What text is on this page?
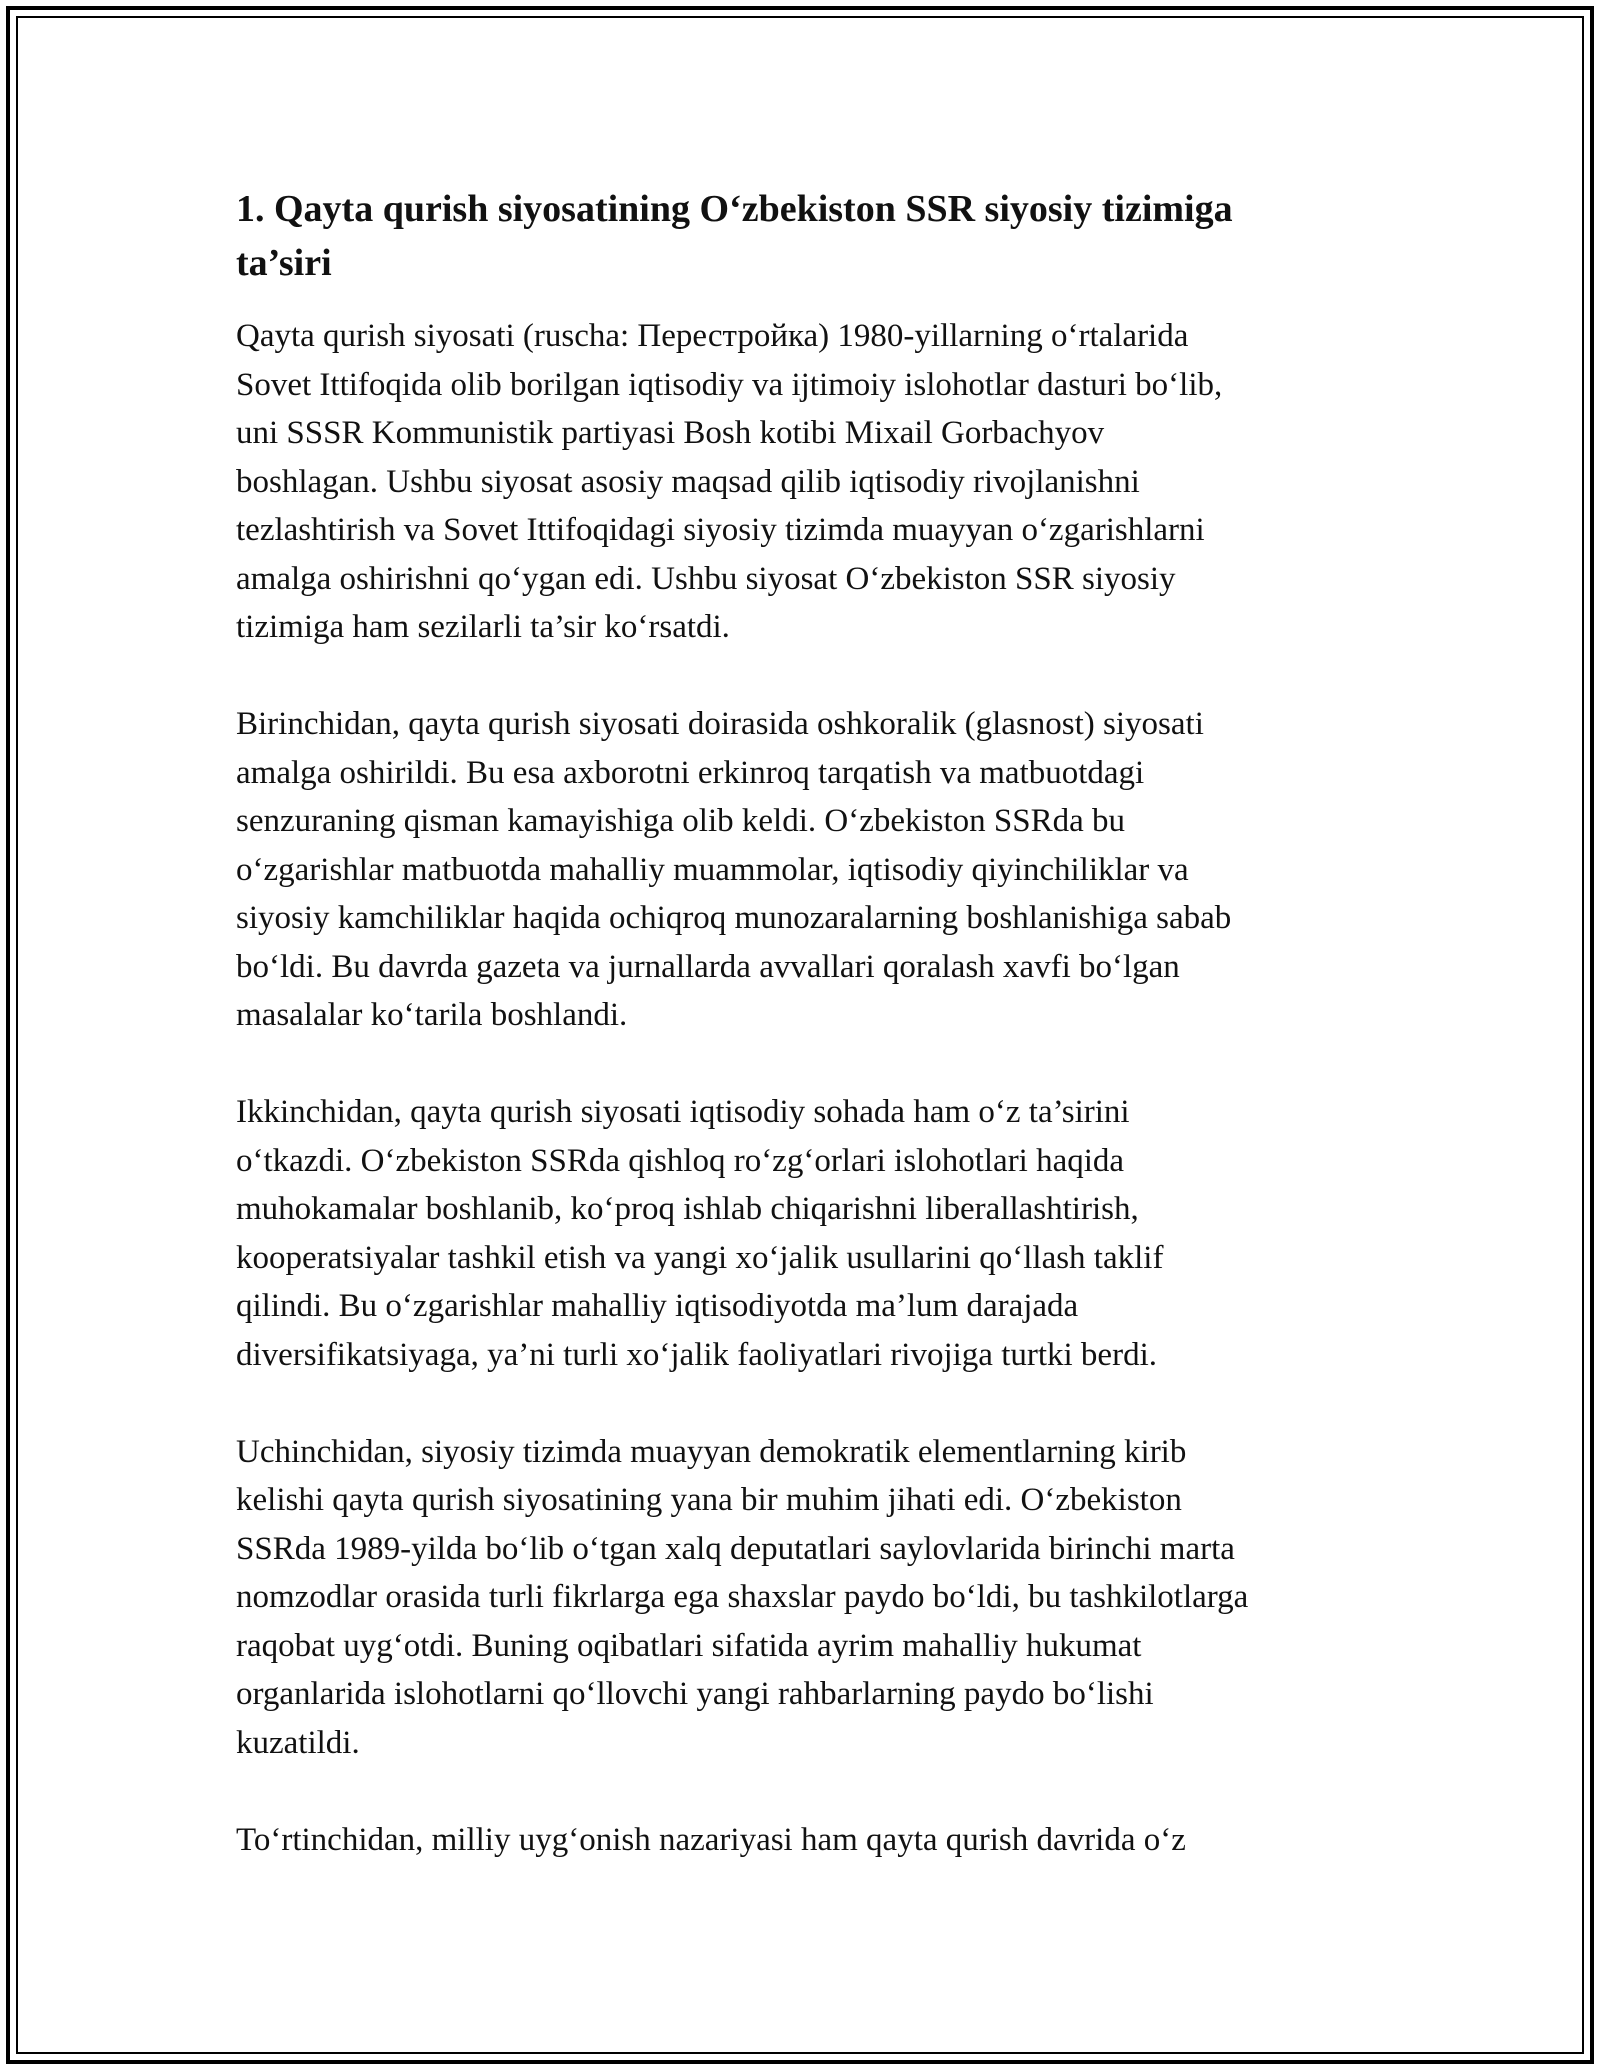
1. Qayta qurish siyosatining O‘zbekiston SSR siyosiy tizimiga
ta’siri

Qayta qurish siyosati (ruscha: Перестройка) 1980-yillarning o‘rtalarida
Sovet Ittifoqida olib borilgan iqtisodiy va ijtimoiy islohotlar dasturi bo‘lib,
uni SSSR Kommunistik partiyasi Bosh kotibi Mixail Gorbachyov
boshlagan. Ushbu siyosat asosiy maqsad qilib iqtisodiy rivojlanishni
tezlashtirish va Sovet Ittifoqidagi siyosiy tizimda muayyan o‘zgarishlarni
amalga oshirishni qo‘ygan edi. Ushbu siyosat O‘zbekiston SSR siyosiy
tizimiga ham sezilarli ta’sir ko‘rsatdi.

Birinchidan, qayta qurish siyosati doirasida oshkoralik (glasnost) siyosati
amalga oshirildi. Bu esa axborotni erkinroq tarqatish va matbuotdagi
senzuraning qisman kamayishiga olib keldi. O‘zbekiston SSRda bu
o‘zgarishlar matbuotda mahalliy muammolar, iqtisodiy qiyinchiliklar va
siyosiy kamchiliklar haqida ochiqroq munozaralarning boshlanishiga sabab
bo‘ldi. Bu davrda gazeta va jurnallarda avvallari qoralash xavfi bo‘lgan
masalalar ko‘tarila boshlandi.

Ikkinchidan, qayta qurish siyosati iqtisodiy sohada ham o‘z ta’sirini
o‘tkazdi. O‘zbekiston SSRda qishloq ro‘zg‘orlari islohotlari haqida
muhokamalar boshlanib, ko‘proq ishlab chiqarishni liberallashtirish,
kooperatsiyalar tashkil etish va yangi xo‘jalik usullarini qo‘llash taklif
qilindi. Bu o‘zgarishlar mahalliy iqtisodiyotda ma’lum darajada
diversifikatsiyaga, ya’ni turli xo‘jalik faoliyatlari rivojiga turtki berdi.

Uchinchidan, siyosiy tizimda muayyan demokratik elementlarning kirib
kelishi qayta qurish siyosatining yana bir muhim jihati edi. O‘zbekiston
SSRda 1989-yilda bo‘lib o‘tgan xalq deputatlari saylovlarida birinchi marta
nomzodlar orasida turli fikrlarga ega shaxslar paydo bo‘ldi, bu tashkilotlarga
raqobat uyg‘otdi. Buning oqibatlari sifatida ayrim mahalliy hukumat
organlarida islohotlarni qo‘llovchi yangi rahbarlarning paydo bo‘lishi
kuzatildi.

To‘rtinchidan, milliy uyg‘onish nazariyasi ham qayta qurish davrida o‘z
